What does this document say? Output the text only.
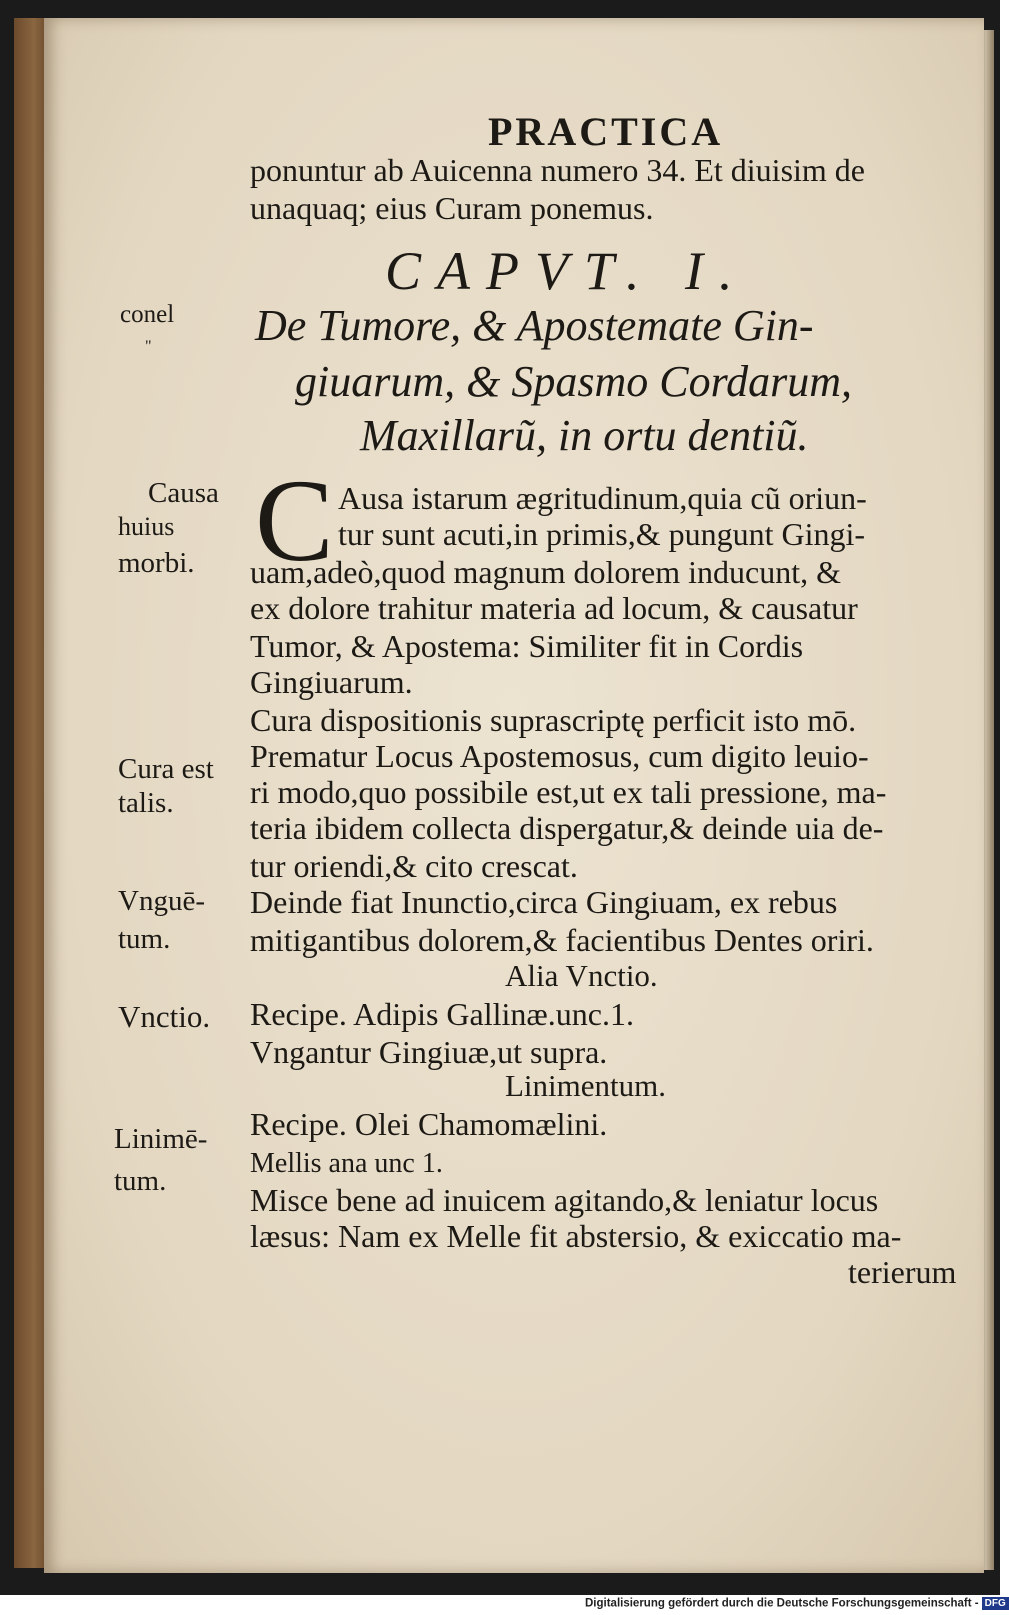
PRACTICA
ponuntur ab Auicenna numero 34. Et diuisim de
unaquaq; eius Curam ponemus.
CAPVT. I.
conel
" De Tumore, & Apostemate Gin-
giuarum, & Spasmo Cordarum,
Maxillarũ, in ortu dentiũ.
Causa
huius
morbi. C Ausa istarum ægritudinum,quia cũ oriun-
tur sunt acuti,in primis,& pungunt Gingi-
uam,adeò,quod magnum dolorem inducunt, &
ex dolore trahitur materia ad locum, & causatur
Tumor, & Apostema: Similiter fit in Cordis
Gingiuarum.
Cura dispositionis suprascriptę perficit isto mō.
Cura est
talis.
Prematur Locus Apostemosus, cum digito leuio-
ri modo,quo possibile est,ut ex tali pressione, ma-
teria ibidem collecta dispergatur,& deinde uia de-
tur oriendi,& cito crescat.
Vnguē-
tum.
Deinde fiat Inunctio,circa Gingiuam, ex rebus
mitigantibus dolorem,& facientibus Dentes oriri.
Alia Vnctio.
Vnctio. Recipe. Adipis Gallinæ.unc.1.
Vngantur Gingiuæ,ut supra.
Linimentum.
Linimē-
tum.
Recipe. Olei Chamomælini.
Mellis ana unc 1.
Misce bene ad inuicem agitando,& leniatur locus
læsus: Nam ex Melle fit abstersio, & exiccatio ma-
terierum
Digitalisierung gefördert durch die Deutsche Forschungsgemeinschaft - DFG
